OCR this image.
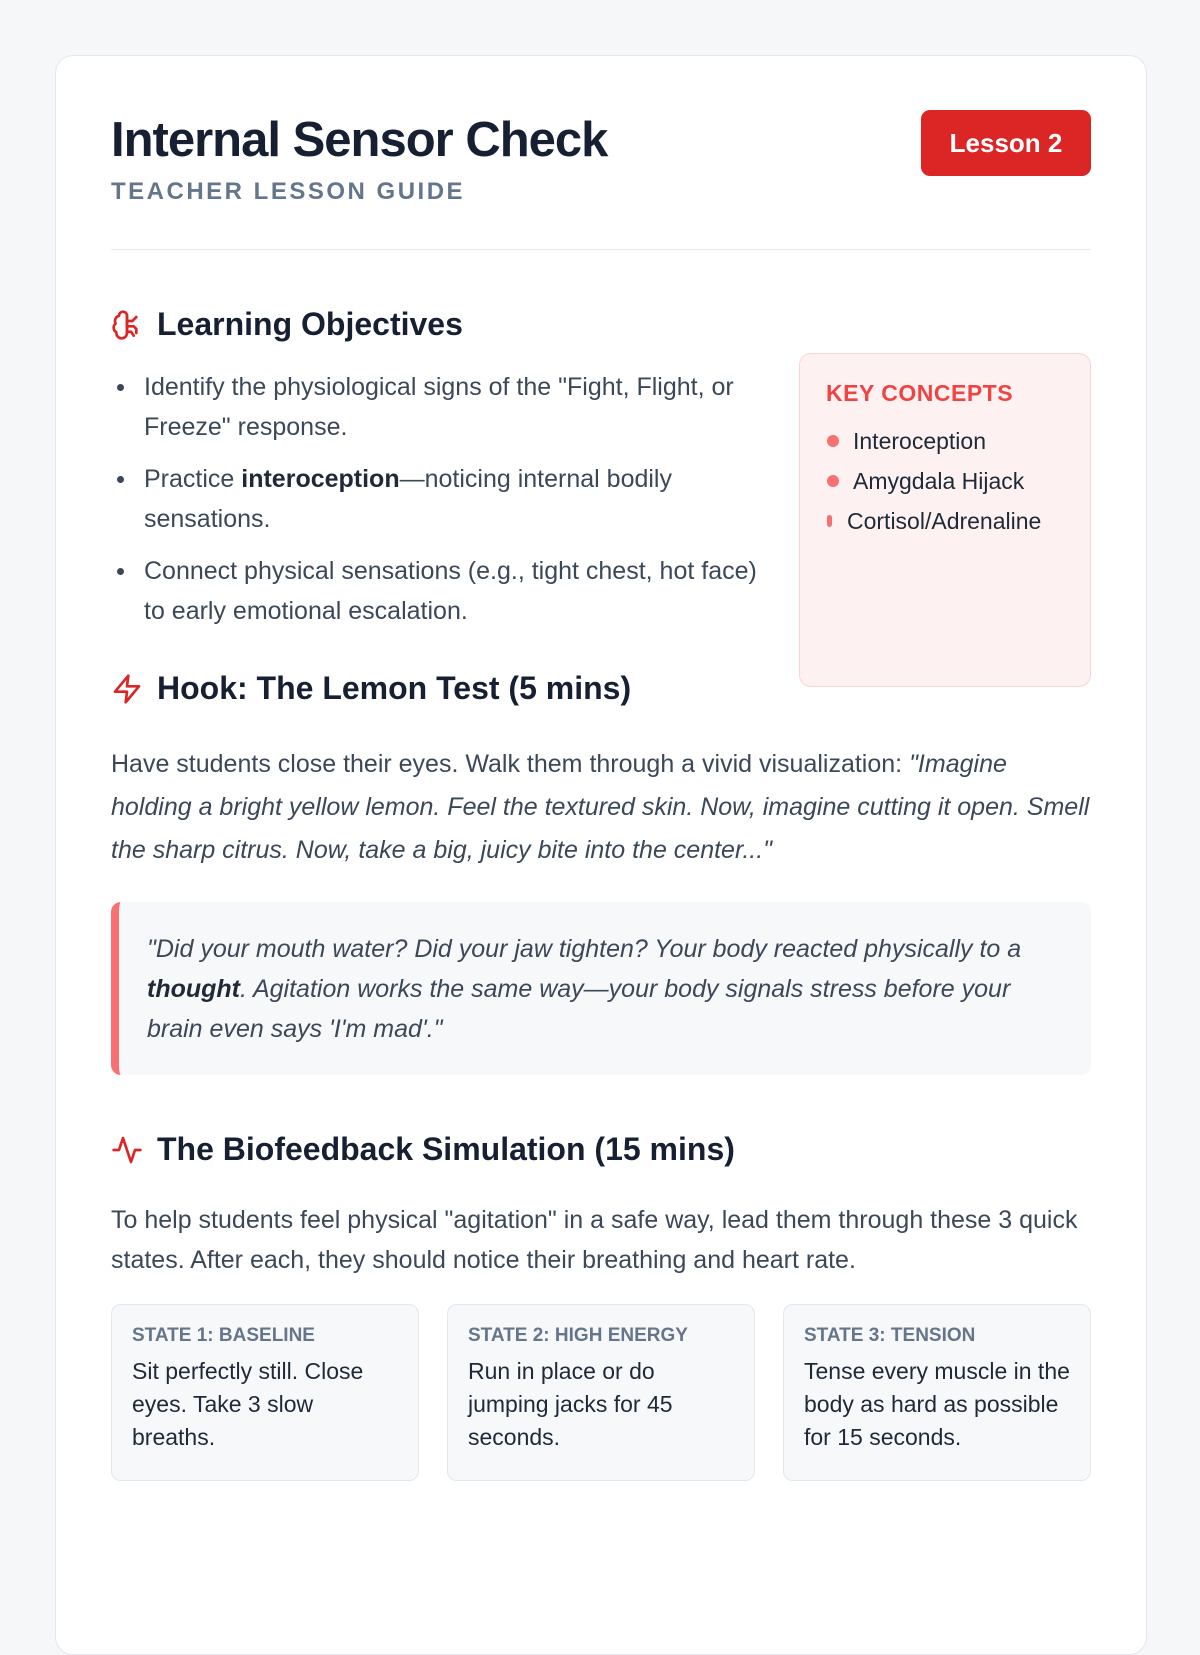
Internal Sensor Check
TEACHER LESSON GUIDE
Lesson 2
Learning Objectives
Identify the physiological signs of the "Fight, Flight, or Freeze" response.
Practice interoception—noticing internal bodily sensations.
Connect physical sensations (e.g., tight chest, hot face) to early emotional escalation.
KEY CONCEPTS
Interoception
Amygdala Hijack
Cortisol/Adrenaline
Hook: The Lemon Test (5 mins)

Have students close their eyes. Walk them through a vivid visualization: "Imagine holding a bright yellow lemon. Feel the textured skin. Now, imagine cutting it open. Smell the sharp citrus. Now, take a big, juicy bite into the center..."

"Did your mouth water? Did your jaw tighten? Your body reacted physically to a thought. Agitation works the same way—your body signals stress before your brain even says 'I'm mad'."
The Biofeedback Simulation (15 mins)

To help students feel physical "agitation" in a safe way, lead them through these 3 quick states. After each, they should notice their breathing and heart rate.

STATE 1: BASELINE
Sit perfectly still. Close eyes. Take 3 slow breaths.
STATE 2: HIGH ENERGY
Run in place or do jumping jacks for 45 seconds.
STATE 3: TENSION
Tense every muscle in the body as hard as possible for 15 seconds.
